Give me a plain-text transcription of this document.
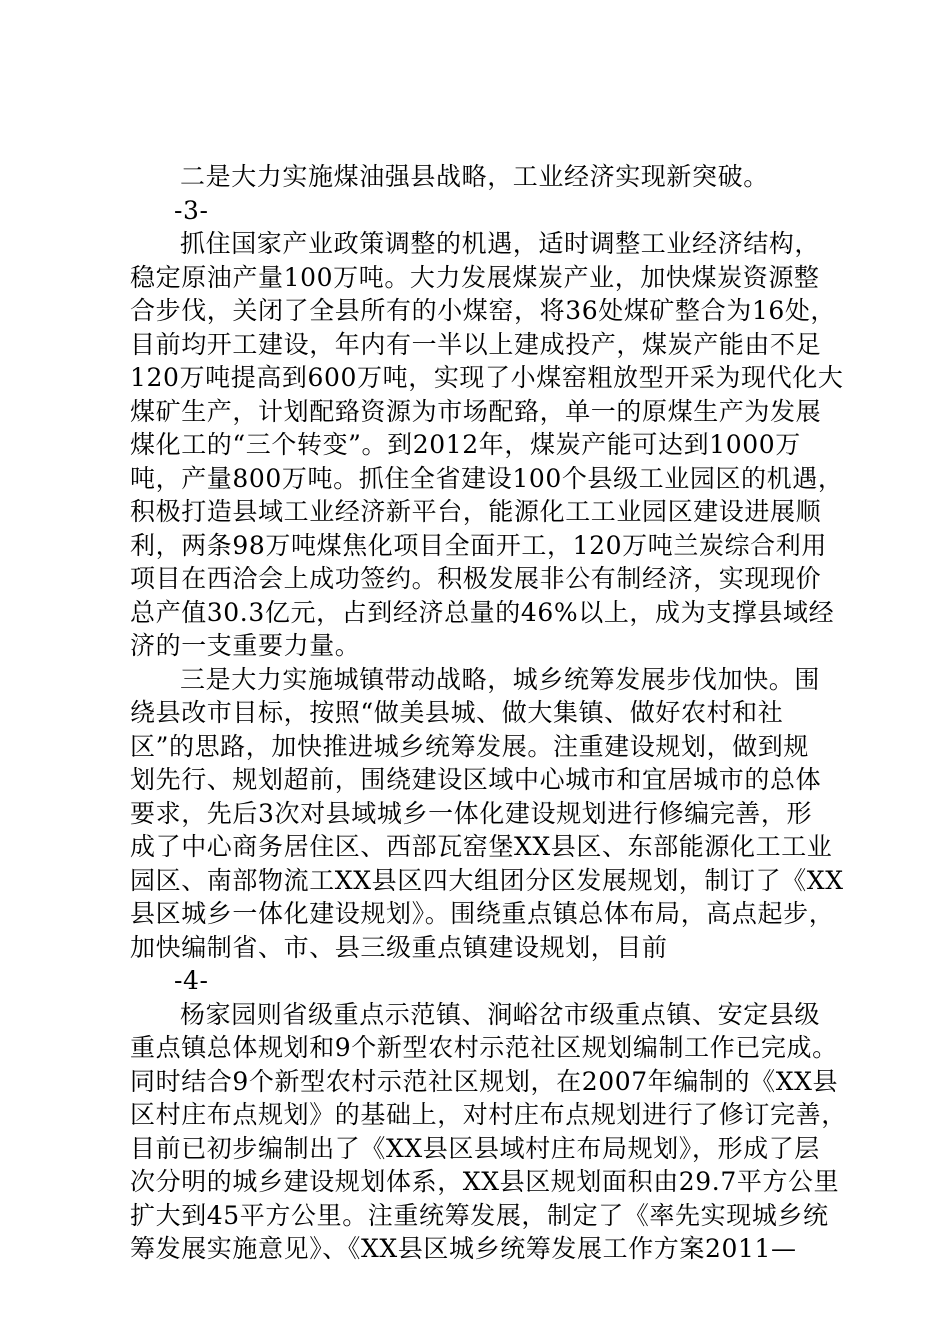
二是大力实施煤油强县战略，工业经济实现新突破。
-3-
抓住国家产业政策调整的机遇，适时调整工业经济结构，
稳定原油产量100万吨。大力发展煤炭产业，加快煤炭资源整
合步伐，关闭了全县所有的小煤窑，将36处煤矿整合为16处，
目前均开工建设，年内有一半以上建成投产，煤炭产能由不足
120万吨提高到600万吨，实现了小煤窑粗放型开采为现代化大
煤矿生产，计划配臵资源为市场配臵，单一的原煤生产为发展
煤化工的“三个转变”。到2012年，煤炭产能可达到1000万
吨，产量800万吨。抓住全省建设100个县级工业园区的机遇，
积极打造县域工业经济新平台，能源化工工业园区建设进展顺
利，两条98万吨煤焦化项目全面开工，120万吨兰炭综合利用
项目在西洽会上成功签约。积极发展非公有制经济，实现现价
总产值30.3亿元，占到经济总量的46%以上，成为支撑县域经
济的一支重要力量。
三是大力实施城镇带动战略，城乡统筹发展步伐加快。围
绕县改市目标，按照“做美县城、做大集镇、做好农村和社
区”的思路，加快推进城乡统筹发展。注重建设规划，做到规
划先行、规划超前，围绕建设区域中心城市和宜居城市的总体
要求，先后3次对县域城乡一体化建设规划进行修编完善，形
成了中心商务居住区、西部瓦窑堡XX县区、东部能源化工工业
园区、南部物流工XX县区四大组团分区发展规划，制订了《XX
县区城乡一体化建设规划》。围绕重点镇总体布局，高点起步，
加快编制省、市、县三级重点镇建设规划，目前
-4-
杨家园则省级重点示范镇、涧峪岔市级重点镇、安定县级
重点镇总体规划和9个新型农村示范社区规划编制工作已完成。
同时结合9个新型农村示范社区规划，在2007年编制的《XX县
区村庄布点规划》的基础上，对村庄布点规划进行了修订完善，
目前已初步编制出了《XX县区县域村庄布局规划》，形成了层
次分明的城乡建设规划体系，XX县区规划面积由29.7平方公里
扩大到45平方公里。注重统筹发展，制定了《率先实现城乡统
筹发展实施意见》、《XX县区城乡统筹发展工作方案2011—
